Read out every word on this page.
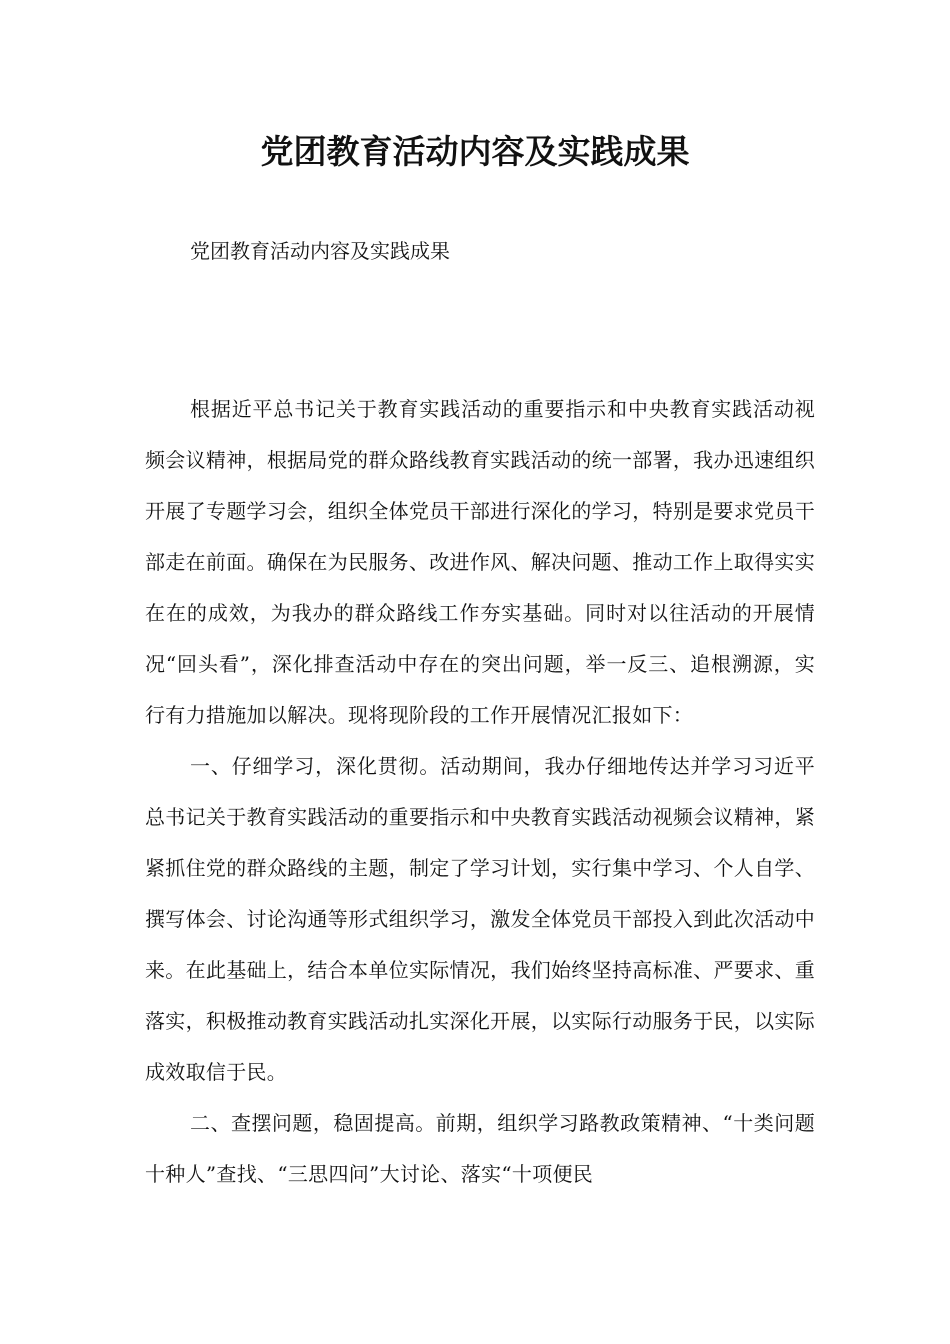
党团教育活动内容及实践成果

党团教育活动内容及实践成果

根据近平总书记关于教育实践活动的重要指示和中央教育实践活动视频会议精神，根据局党的群众路线教育实践活动的统一部署，我办迅速组织开展了专题学习会，组织全体党员干部进行深化的学习，特别是要求党员干部走在前面。确保在为民服务、改进作风、解决问题、推动工作上取得实实在在的成效，为我办的群众路线工作夯实基础。同时对以往活动的开展情况“回头看”，深化排查活动中存在的突出问题，举一反三、追根溯源，实行有力措施加以解决。现将现阶段的工作开展情况汇报如下：

一、仔细学习，深化贯彻。活动期间，我办仔细地传达并学习习近平总书记关于教育实践活动的重要指示和中央教育实践活动视频会议精神，紧紧抓住党的群众路线的主题，制定了学习计划，实行集中学习、个人自学、撰写体会、讨论沟通等形式组织学习，激发全体党员干部投入到此次活动中来。在此基础上，结合本单位实际情况，我们始终坚持高标准、严要求、重落实，积极推动教育实践活动扎实深化开展，以实际行动服务于民，以实际成效取信于民。

二、查摆问题，稳固提高。前期，组织学习路教政策精神、“十类问题十种人”查找、“三思四问”大讨论、落实“十项便民
